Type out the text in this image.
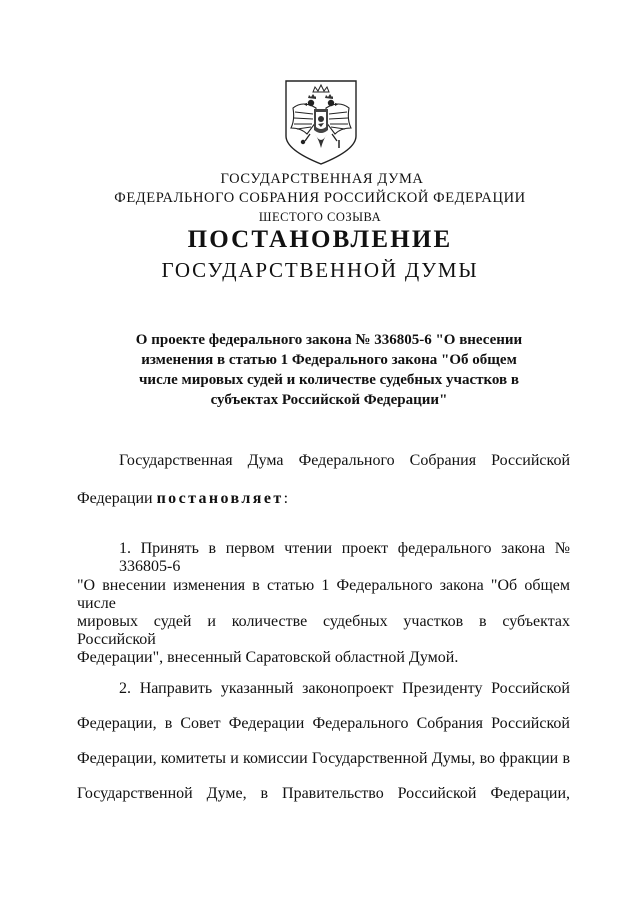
ГОСУДАРСТВЕННАЯ ДУМА
ФЕДЕРАЛЬНОГО СОБРАНИЯ РОССИЙСКОЙ ФЕДЕРАЦИИ
ШЕСТОГО СОЗЫВА
ПОСТАНОВЛЕНИЕ
ГОСУДАРСТВЕННОЙ ДУМЫ
О проекте федерального закона № 336805-6 "О внесении
изменения в статью 1 Федерального закона "Об общем
числе мировых судей и количестве судебных участков в
субъектах Российской Федерации"
Государственная Дума Федерального Собрания Российской
Федерации постановляет:
1. Принять в первом чтении проект федерального закона № 336805-6
"О внесении изменения в статью 1 Федерального закона "Об общем числе
мировых судей и количестве судебных участков в субъектах Российской
Федерации", внесенный Саратовской областной Думой.
2. Направить указанный законопроект Президенту Российской
Федерации, в Совет Федерации Федерального Собрания Российской
Федерации, комитеты и комиссии Государственной Думы, во фракции в
Государственной Думе, в Правительство Российской Федерации,
